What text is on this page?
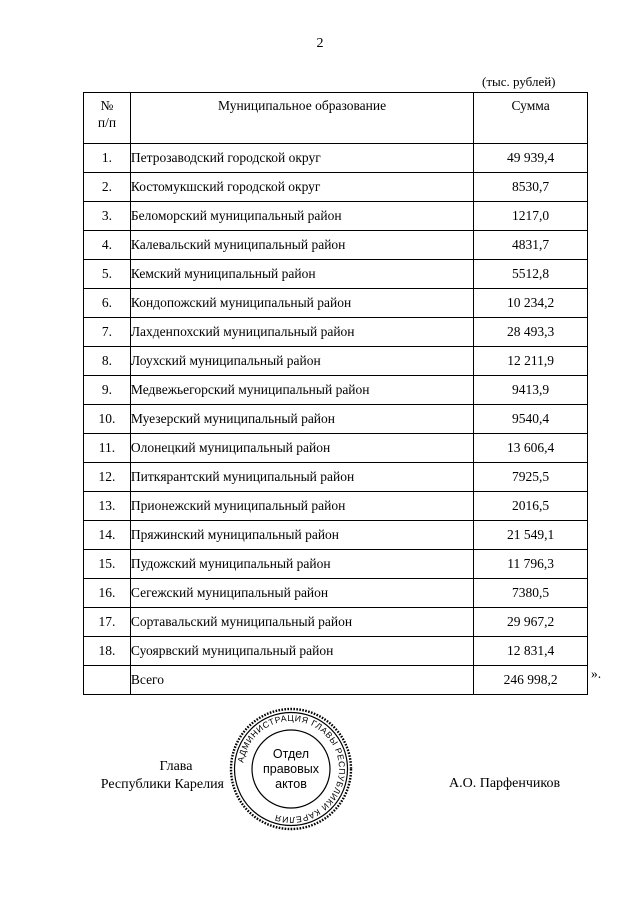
2
(тыс. рублей)
№
п/п	Муниципальное образование	Сумма
1.	Петрозаводский городской округ	49 939,4
2.	Костомукшский городской округ	8530,7
3.	Беломорский муниципальный район	1217,0
4.	Калевальский муниципальный район	4831,7
5.	Кемский муниципальный район	5512,8
6.	Кондопожский муниципальный район	10 234,2
7.	Лахденпохский муниципальный район	28 493,3
8.	Лоухский муниципальный район	12 211,9
9.	Медвежьегорский муниципальный район	9413,9
10.	Муезерский муниципальный район	9540,4
11.	Олонецкий муниципальный район	13 606,4
12.	Питкярантский муниципальный район	7925,5
13.	Прионежский муниципальный район	2016,5
14.	Пряжинский муниципальный район	21 549,1
15.	Пудожский муниципальный район	11 796,3
16.	Сегежский муниципальный район	7380,5
17.	Сортавальский муниципальный район	29 967,2
18.	Суоярвский муниципальный район	12 831,4
	Всего	246 998,2 ».
Глава
Республики Карелия
АДМИНИСТРАЦИЯ ГЛАВЫ РЕСПУБЛИКИ КАРЕЛИЯ
Отдел
правовых
актов	А.О. Парфенчиков
